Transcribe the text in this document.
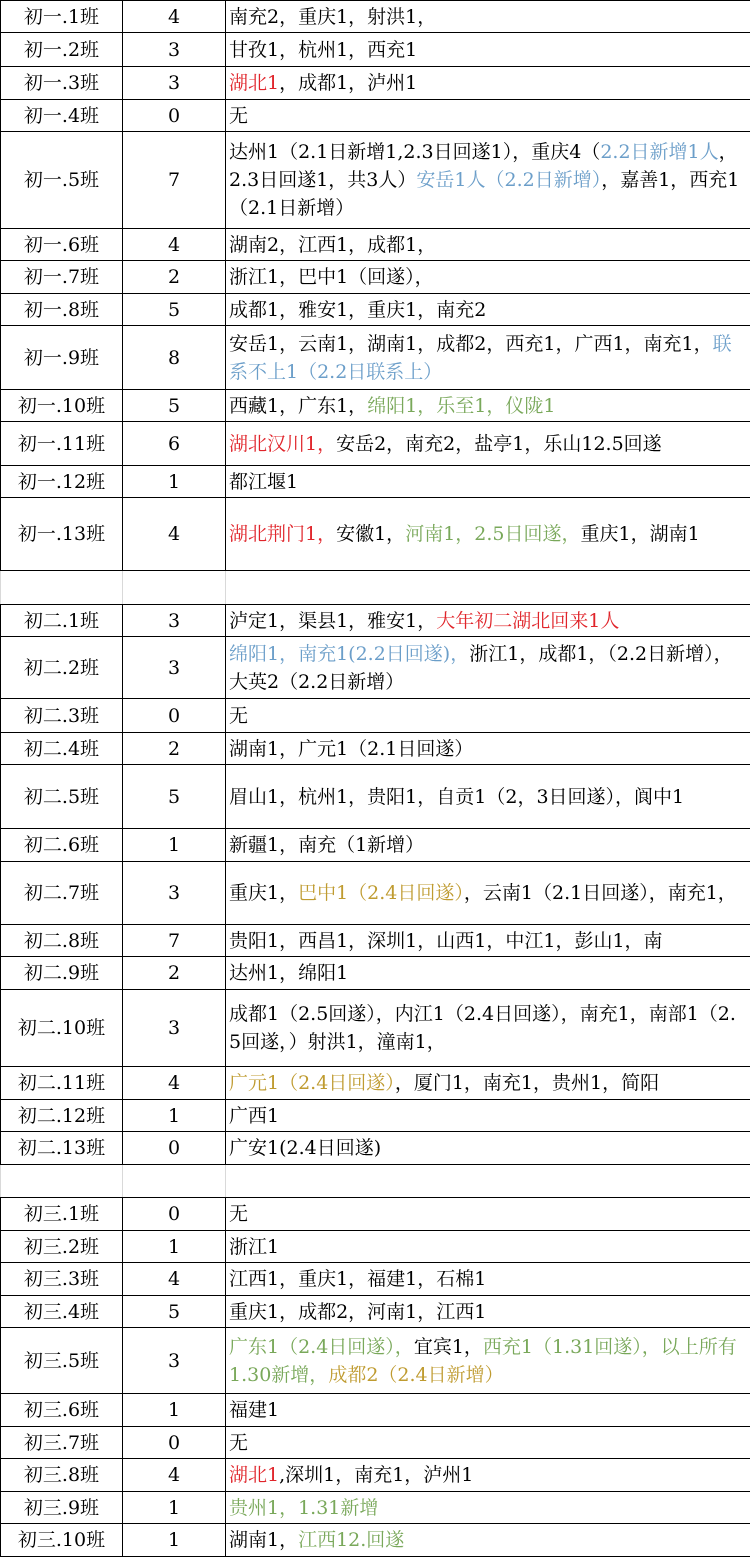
初一.1班	4	南充2，重庆1，射洪1，
初一.2班	3	甘孜1，杭州1，西充1
初一.3班	3	湖北1，成都1，泸州1
初一.4班	0	无
初一.5班	7	达州1（2.1日新增1,2.3日回遂1），重庆4（2.2日新增1人，2.3日回遂1，共3人）安岳1人（2.2日新增），嘉善1，西充1（2.1日新增）
初一.6班	4	湖南2，江西1，成都1，
初一.7班	2	浙江1，巴中1（回遂），
初一.8班	5	成都1，雅安1，重庆1，南充2
初一.9班	8	安岳1，云南1，湖南1，成都2，西充1，广西1，南充1，联系不上1（2.2日联系上）
初一.10班	5	西藏1，广东1，绵阳1，乐至1，仪陇1
初一.11班	6	湖北汉川1，安岳2，南充2，盐亭1，乐山12.5回遂
初一.12班	1	都江堰1
初一.13班	4	湖北荆门1，安徽1，河南1，2.5日回遂，重庆1，湖南1

初二.1班	3	泸定1，渠县1，雅安1，大年初二湖北回来1人
初二.2班	3	绵阳1，南充1(2.2日回遂)，浙江1，成都1，（2.2日新增），大英2（2.2日新增）
初二.3班	0	无
初二.4班	2	湖南1，广元1（2.1日回遂）
初二.5班	5	眉山1，杭州1，贵阳1，自贡1（2，3日回遂），阆中1
初二.6班	1	新疆1，南充（1新增）
初二.7班	3	重庆1，巴中1（2.4日回遂），云南1（2.1日回遂），南充1，
初二.8班	7	贵阳1，西昌1，深圳1，山西1，中江1，彭山1，南
初二.9班	2	达州1，绵阳1
初二.10班	3	成都1（2.5回遂），内江1（2.4日回遂），南充1，南部1（2.5回遂，）射洪1，潼南1，
初二.11班	4	广元1（2.4日回遂），厦门1，南充1，贵州1，简阳
初二.12班	1	广西1
初二.13班	0	广安1(2.4日回遂)

初三.1班	0	无
初三.2班	1	浙江1
初三.3班	4	江西1，重庆1，福建1，石棉1
初三.4班	5	重庆1，成都2，河南1，江西1
初三.5班	3	广东1（2.4日回遂），宜宾1，西充1（1.31回遂），以上所有1.30新增，成都2（2.4日新增）
初三.6班	1	福建1
初三.7班	0	无
初三.8班	4	湖北1,深圳1，南充1，泸州1
初三.9班	1	贵州1，1.31新增
初三.10班	1	湖南1，江西12.回遂
